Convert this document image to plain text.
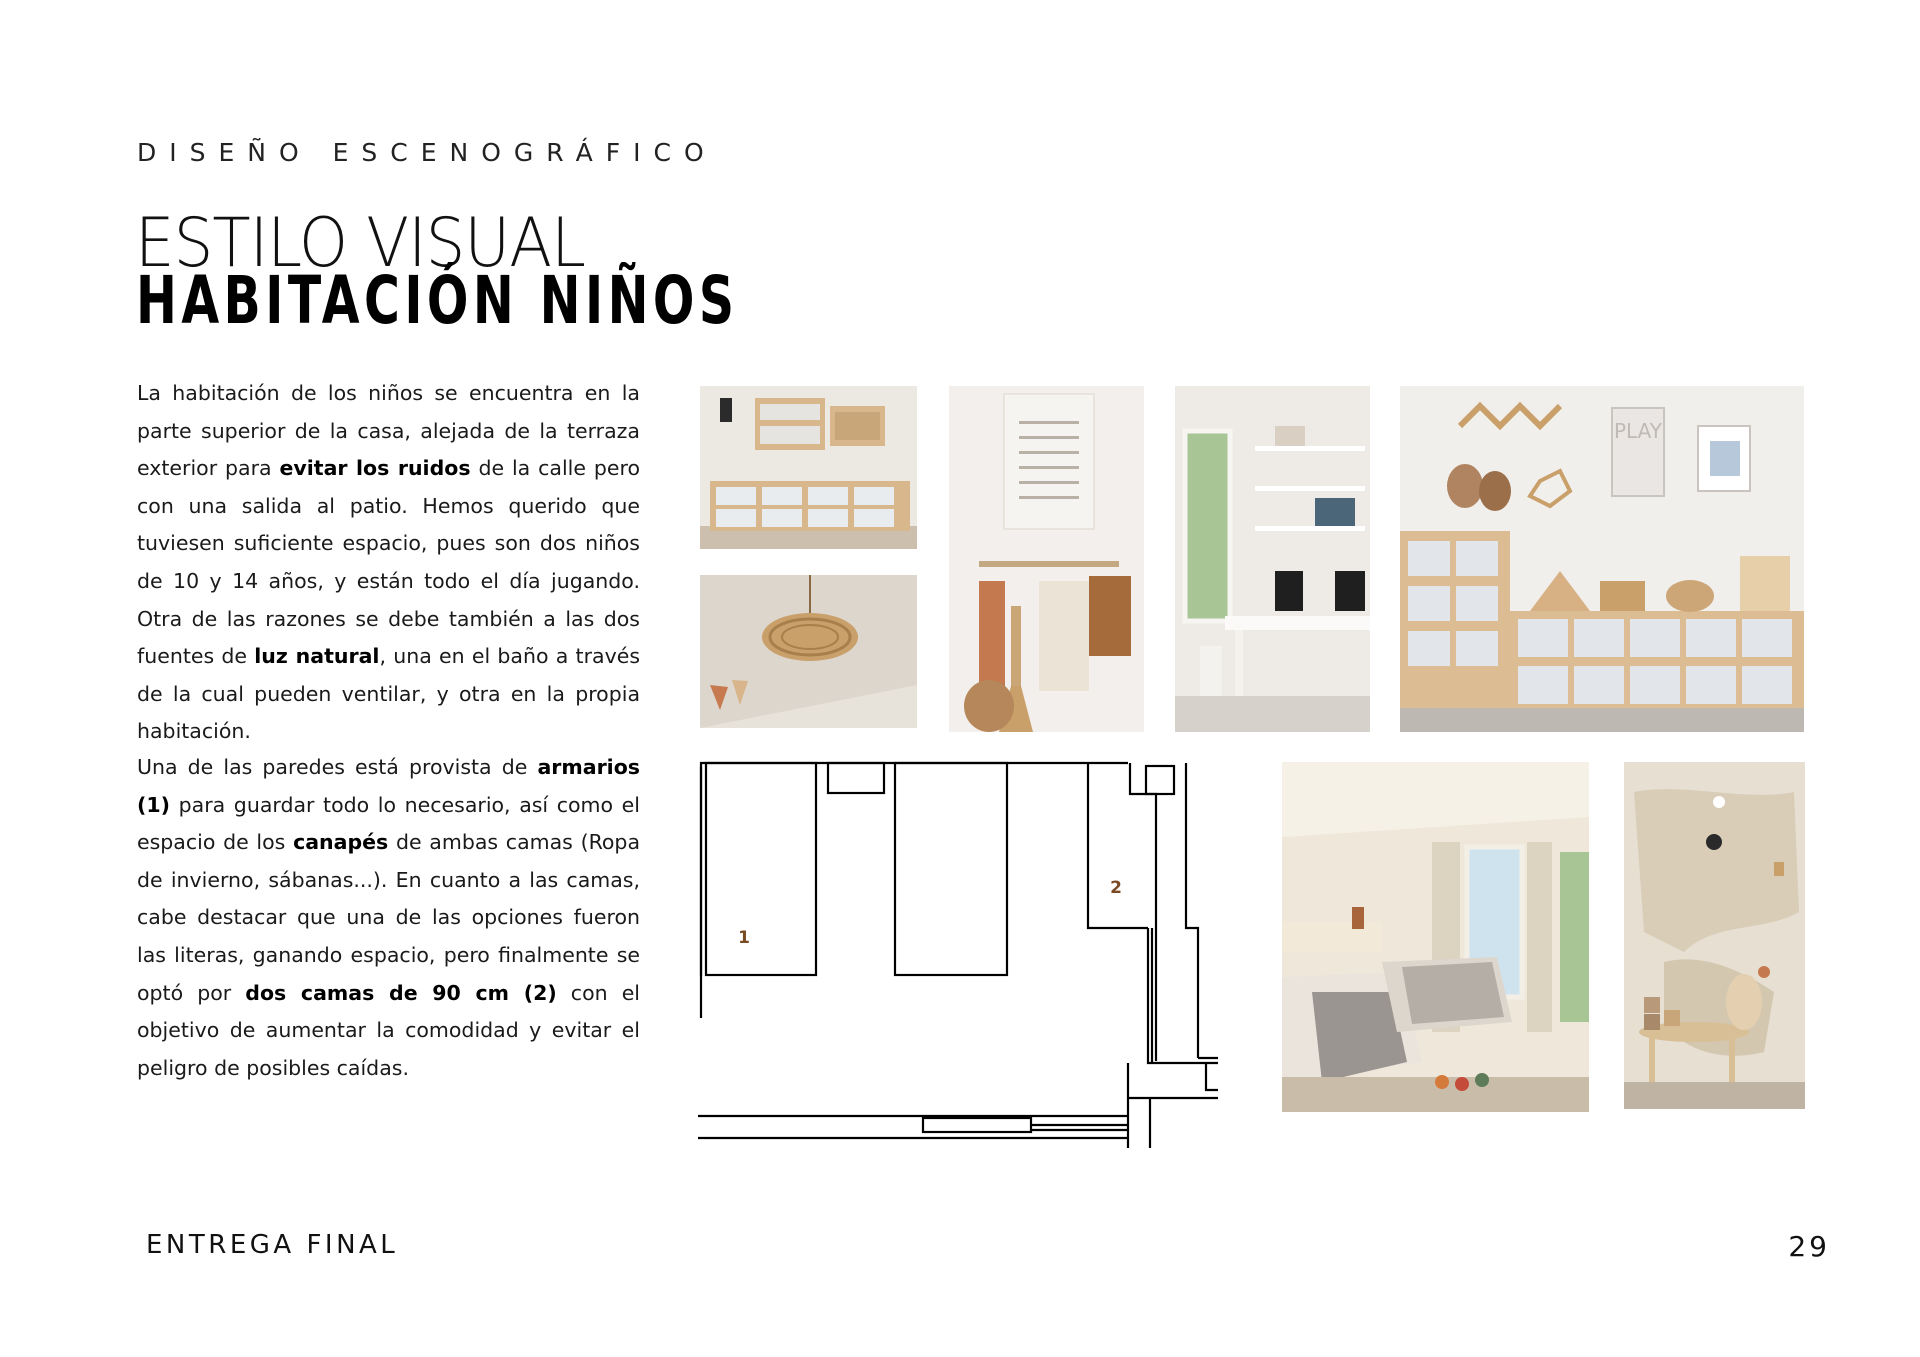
DISEÑO ESCENOGRÁFICO
ESTILO VISUAL
HABITACIÓN NIÑOS
La habitación de los niños se encuentra en la parte superior de la casa, alejada de la terraza exterior para evitar los ruidos de la calle pero con una salida al patio. Hemos querido que tuviesen suficiente espacio, pues son dos niños de 10 y 14 años, y están todo el día jugando. Otra de las razones se debe también a las dos fuentes de luz natural, una en el baño a través de la cual pueden ventilar, y otra en la propia habitación.
Una de las paredes está provista de armarios (1) para guardar todo lo necesario, así como el espacio de los canapés de ambas camas (Ropa de invierno, sábanas...). En cuanto a las camas, cabe destacar que una de las opciones fueron las literas, ganando espacio, pero finalmente se optó por dos camas de 90 cm (2) con el objetivo de aumentar la comodidad y evitar el peligro de posibles caídas.
PLAY
1
2
ENTREGA FINAL	29
